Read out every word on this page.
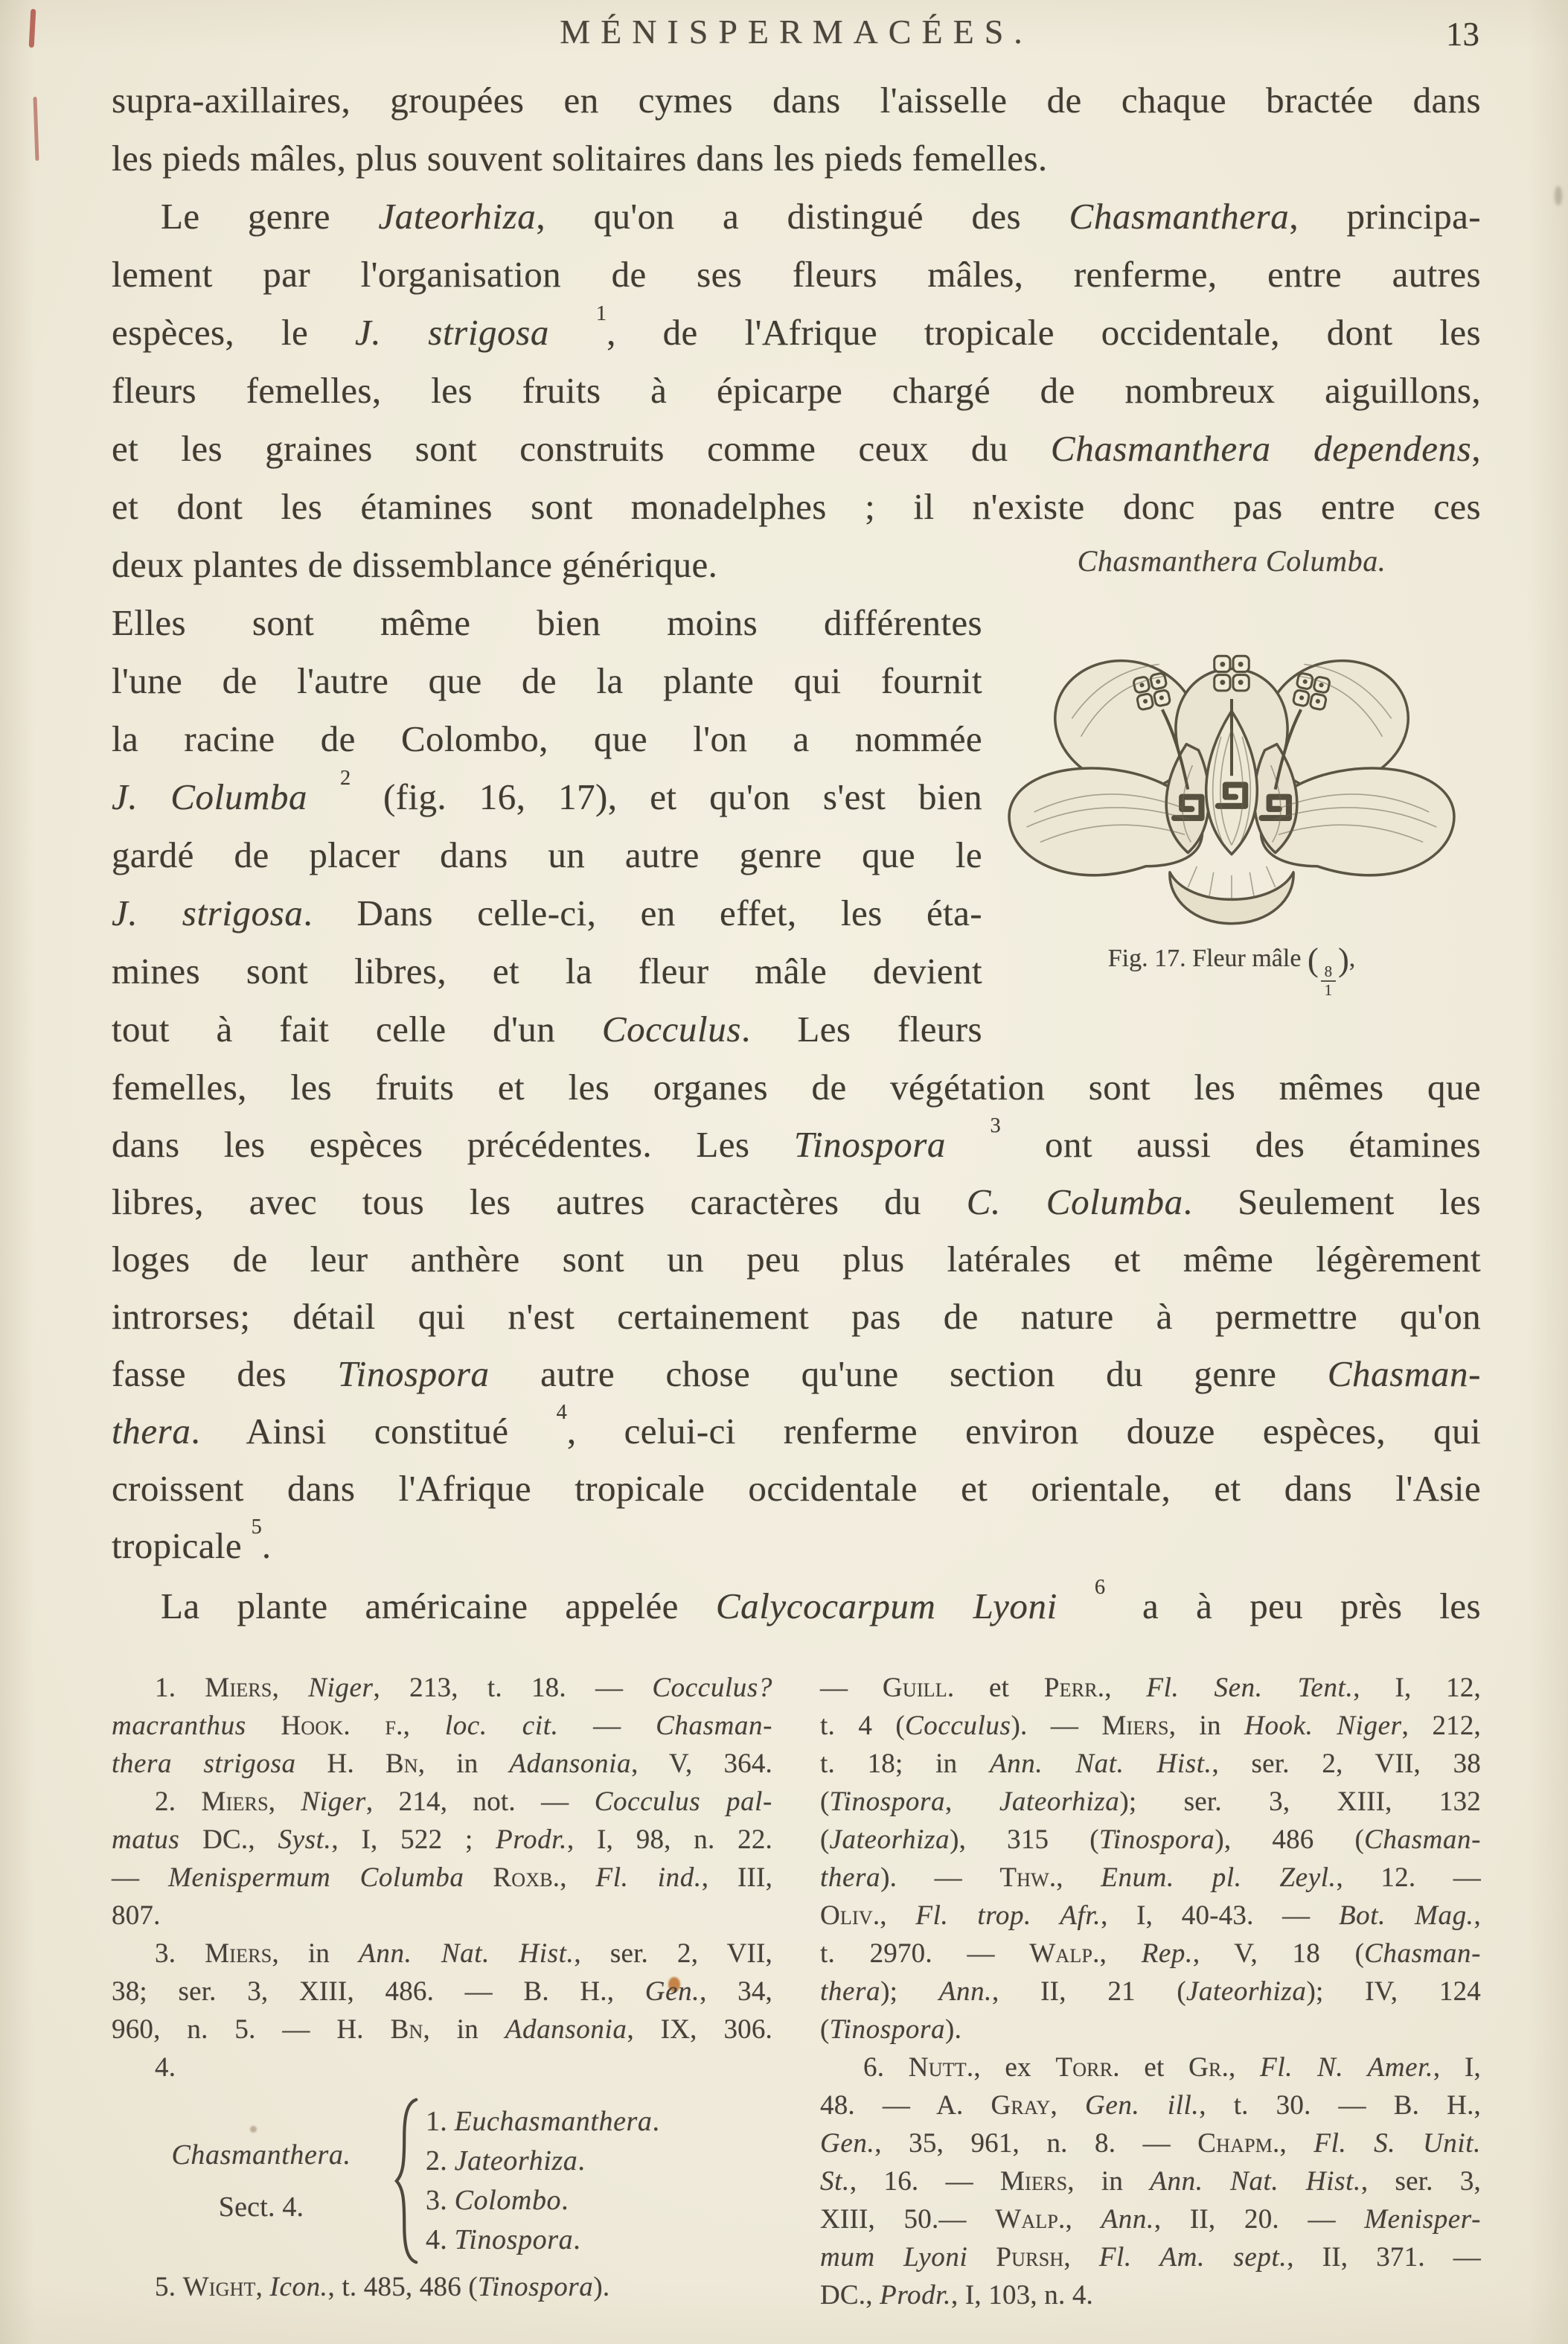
MÉNISPERMACÉES.	13
supra-axillaires, groupées en cymes dans l'aisselle de chaque bractée dans
les pieds mâles, plus souvent solitaires dans les pieds femelles.
Le genre Jateorhiza, qu'on a distingué des Chasmanthera, principa-
lement par l'organisation de ses fleurs mâles, renferme, entre autres
espèces, le J. strigosa $^1$, de l'Afrique tropicale occidentale, dont les
fleurs femelles, les fruits à épicarpe chargé de nombreux aiguillons,
et les graines sont construits comme ceux du Chasmanthera dependens,
et dont les étamines sont monadelphes ; il n'existe donc pas entre ces
deux plantes de dissemblance générique.
Elles sont même bien moins différentes
l'une de l'autre que de la plante qui fournit
la racine de Colombo, que l'on a nommée
J. Columba $^2$ (fig. 16, 17), et qu'on s'est bien
gardé de placer dans un autre genre que le
J. strigosa. Dans celle-ci, en effet, les éta-
mines sont libres, et la fleur mâle devient
tout à fait celle d'un Cocculus. Les fleurs
Chasmanthera Columba.
Fig. 17. Fleur mâle (
$\frac{8}{1}$
),
femelles, les fruits et les organes de végétation sont les mêmes que
dans les espèces précédentes. Les Tinospora $^3$ ont aussi des étamines
libres, avec tous les autres caractères du C. Columba. Seulement les
loges de leur anthère sont un peu plus latérales et même légèrement
introrses; détail qui n'est certainement pas de nature à permettre qu'on
fasse des Tinospora autre chose qu'une section du genre Chasman-
thera. Ainsi constitué $^4$, celui-ci renferme environ douze espèces, qui
croissent dans l'Afrique tropicale occidentale et orientale, et dans l'Asie
tropicale $^5$.
La plante américaine appelée Calycocarpum Lyoni $^6$ a à peu près les
1. Miers, Niger, 213, t. 18. — Cocculus?
macranthus Hook. f., loc. cit. — Chasman-
thera strigosa H. Bn, in Adansonia, V, 364.
2. Miers, Niger, 214, not. — Cocculus pal-
matus DC., Syst., I, 522 ; Prodr., I, 98, n. 22.
— Menispermum Columba Roxb., Fl. ind., III,
807.
3. Miers, in Ann. Nat. Hist., ser. 2, VII,
38; ser. 3, XIII, 486. — B. H., Gen., 34,
960, n. 5. — H. Bn, in Adansonia, IX, 306.
4.
Chasmanthera.
Sect. 4.
1. Euchasmanthera.
2. Jateorhiza.
3. Colombo.
4. Tinospora.
5. Wight, Icon., t. 485, 486 (Tinospora).
— Guill. et Perr., Fl. Sen. Tent., I, 12,
t. 4 (Cocculus). — Miers, in Hook. Niger, 212,
t. 18; in Ann. Nat. Hist., ser. 2, VII, 38
(Tinospora, Jateorhiza); ser. 3, XIII, 132
(Jateorhiza), 315 (Tinospora), 486 (Chasman-
thera). — Thw., Enum. pl. Zeyl., 12. —
Oliv., Fl. trop. Afr., I, 40-43. — Bot. Mag.,
t. 2970. — Walp., Rep., V, 18 (Chasman-
thera); Ann., II, 21 (Jateorhiza); IV, 124
(Tinospora).
6. Nutt., ex Torr. et Gr., Fl. N. Amer., I,
48. — A. Gray, Gen. ill., t. 30. — B. H.,
Gen., 35, 961, n. 8. — Chapm., Fl. S. Unit.
St., 16. — Miers, in Ann. Nat. Hist., ser. 3,
XIII, 50.— Walp., Ann., II, 20. — Menisper-
mum Lyoni Pursh, Fl. Am. sept., II, 371. —
DC., Prodr., I, 103, n. 4.
